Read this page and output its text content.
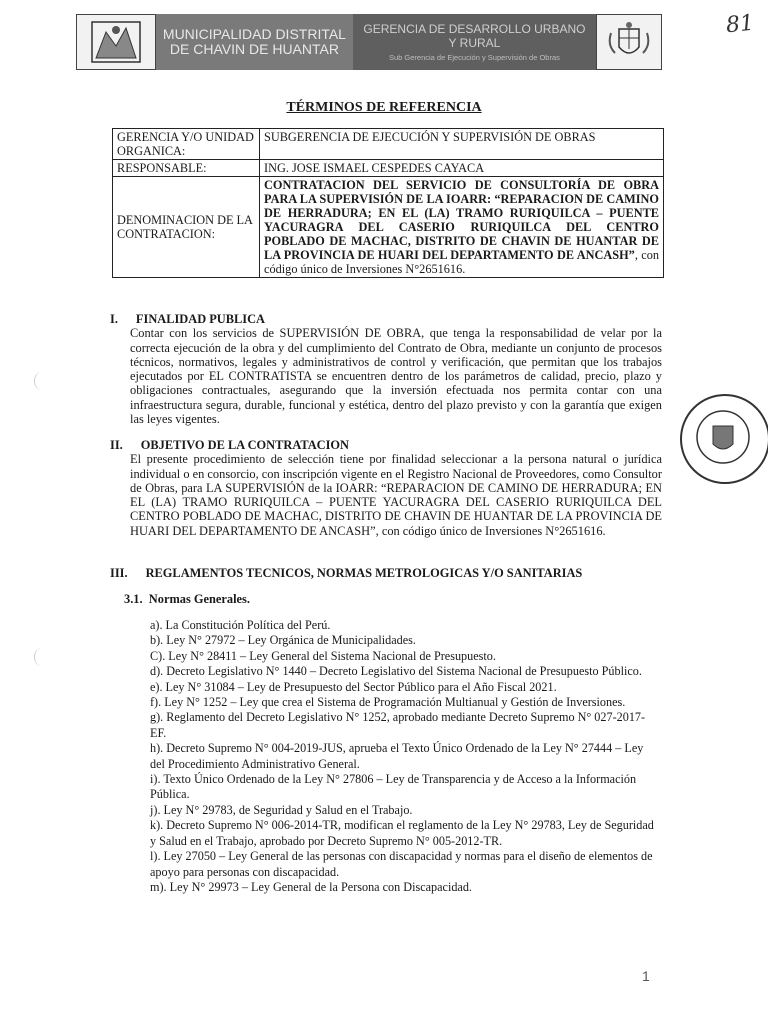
MUNICIPALIDAD DISTRITAL DE CHAVIN DE HUANTAR
GERENCIA DE DESARROLLO URBANO Y RURAL
Sub Gerencia de Ejecución y Supervisión de Obras
81
TÉRMINOS DE REFERENCIA
GERENCIA Y/O UNIDAD ORGANICA:	SUBGERENCIA DE EJECUCIÓN Y SUPERVISIÓN DE OBRAS
RESPONSABLE:	ING. JOSE ISMAEL CESPEDES CAYACA
DENOMINACION DE LA CONTRATACION:	CONTRATACION DEL SERVICIO DE CONSULTORÍA DE OBRA PARA LA SUPERVISIÓN DE LA IOARR: “REPARACION DE CAMINO DE HERRADURA; EN EL (LA) TRAMO RURIQUILCA – PUENTE YACURAGRA DEL CASERIO RURIQUILCA DEL CENTRO POBLADO DE MACHAC, DISTRITO DE CHAVIN DE HUANTAR DE LA PROVINCIA DE HUARI DEL DEPARTAMENTO DE ANCASH”, con código único de Inversiones N°2651616.
I. FINALIDAD PUBLICA
Contar con los servicios de SUPERVISIÓN DE OBRA, que tenga la responsabilidad de velar por la correcta ejecución de la obra y del cumplimiento del Contrato de Obra, mediante un conjunto de procesos técnicos, normativos, legales y administrativos de control y verificación, que permitan que los trabajos ejecutados por EL CONTRATISTA se encuentren dentro de los parámetros de calidad, precio, plazo y obligaciones contractuales, asegurando que la inversión efectuada nos permita contar con una infraestructura segura, durable, funcional y estética, dentro del plazo previsto y con la garantía que exigen las leyes vigentes.
II. OBJETIVO DE LA CONTRATACION
El presente procedimiento de selección tiene por finalidad seleccionar a la persona natural o jurídica individual o en consorcio, con inscripción vigente en el Registro Nacional de Proveedores, como Consultor de Obras, para LA SUPERVISIÓN de la IOARR: “REPARACION DE CAMINO DE HERRADURA; EN EL (LA) TRAMO RURIQUILCA – PUENTE YACURAGRA DEL CASERIO RURIQUILCA DEL CENTRO POBLADO DE MACHAC, DISTRITO DE CHAVIN DE HUANTAR DE LA PROVINCIA DE HUARI DEL DEPARTAMENTO DE ANCASH”, con código único de Inversiones N°2651616.
III. REGLAMENTOS TECNICOS, NORMAS METROLOGICAS Y/O SANITARIAS
3.1. Normas Generales.
a). La Constitución Política del Perú.
b). Ley N° 27972 – Ley Orgánica de Municipalidades.
C). Ley N° 28411 – Ley General del Sistema Nacional de Presupuesto.
d). Decreto Legislativo N° 1440 – Decreto Legislativo del Sistema Nacional de Presupuesto Público.
e). Ley N° 31084 – Ley de Presupuesto del Sector Público para el Año Fiscal 2021.
f). Ley N° 1252 – Ley que crea el Sistema de Programación Multianual y Gestión de Inversiones.
g). Reglamento del Decreto Legislativo N° 1252, aprobado mediante Decreto Supremo N° 027-2017-EF.
h). Decreto Supremo N° 004-2019-JUS, aprueba el Texto Único Ordenado de la Ley N° 27444 – Ley del Procedimiento Administrativo General.
i). Texto Único Ordenado de la Ley N° 27806 – Ley de Transparencia y de Acceso a la Información Pública.
j). Ley N° 29783, de Seguridad y Salud en el Trabajo.
k). Decreto Supremo N° 006-2014-TR, modifican el reglamento de la Ley N° 29783, Ley de Seguridad y Salud en el Trabajo, aprobado por Decreto Supremo N° 005-2012-TR.
l). Ley 27050 – Ley General de las personas con discapacidad y normas para el diseño de elementos de apoyo para personas con discapacidad.
m). Ley N° 29973 – Ley General de la Persona con Discapacidad.
1
